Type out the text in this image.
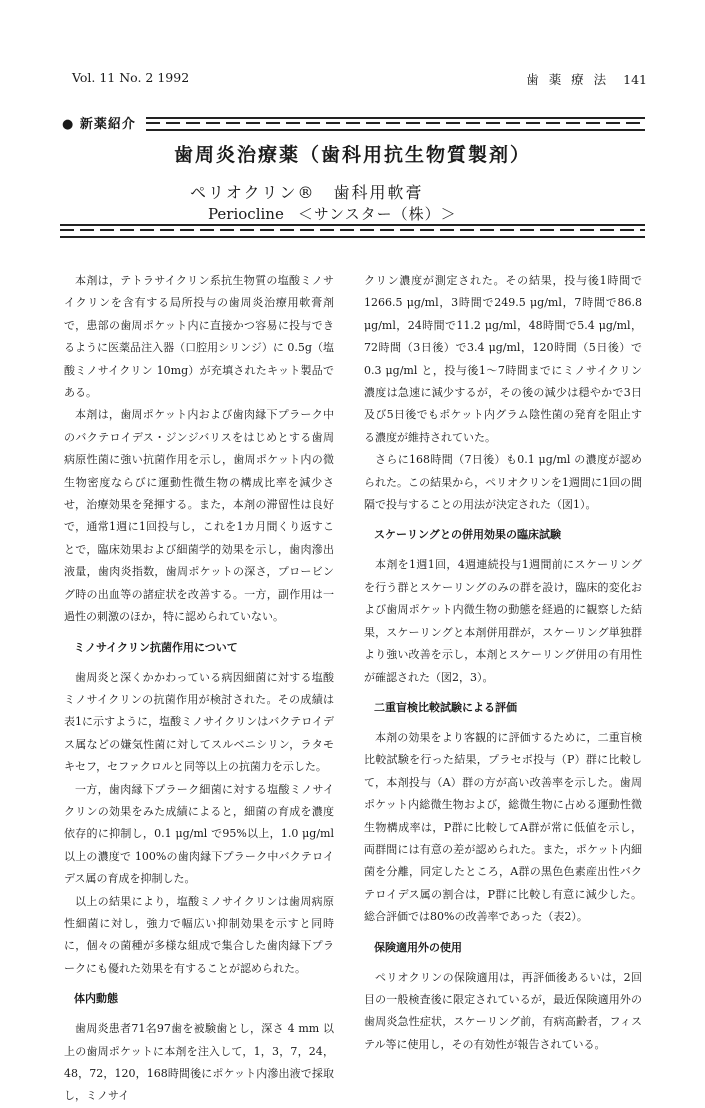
Vol. 11 No. 2 1992	歯 薬 療 法 141
● 新薬紹介
歯周炎治療薬（歯科用抗生物質製剤）
ペリオクリン® 歯科用軟膏
Periocline ＜サンスター（株）＞

本剤は，テトラサイクリン系抗生物質の塩酸ミノサイクリンを含有する局所投与の歯周炎治療用軟膏剤で，患部の歯周ポケット内に直接かつ容易に投与できるように医薬品注入器（口腔用シリンジ）に 0.5g（塩酸ミノサイクリン 10mg）が充填されたキット製品である。

本剤は，歯周ポケット内および歯肉縁下プラーク中のバクテロイデス・ジンジバリスをはじめとする歯周病原性菌に強い抗菌作用を示し，歯周ポケット内の微生物密度ならびに運動性微生物の構成比率を減少させ，治療効果を発揮する。また，本剤の滞留性は良好で，通常1週に1回投与し，これを1カ月間くり返すことで，臨床効果および細菌学的効果を示し，歯肉滲出液量，歯肉炎指数，歯周ポケットの深さ，プロービング時の出血等の諸症状を改善する。一方，副作用は一過性の刺激のほか，特に認められていない。

ミノサイクリン抗菌作用について

歯周炎と深くかかわっている病因細菌に対する塩酸ミノサイクリンの抗菌作用が検討された。その成績は表1に示すように，塩酸ミノサイクリンはバクテロイデス属などの嫌気性菌に対してスルベニシリン，ラタモキセフ，セファクロルと同等以上の抗菌力を示した。

一方，歯肉縁下プラーク細菌に対する塩酸ミノサイクリンの効果をみた成績によると，細菌の育成を濃度依存的に抑制し，0.1 μg/ml で95%以上，1.0 μg/ml 以上の濃度で 100%の歯肉縁下プラーク中バクテロイデス属の育成を抑制した。

以上の結果により，塩酸ミノサイクリンは歯周病原性細菌に対し，強力で幅広い抑制効果を示すと同時に，個々の菌種が多様な組成で集合した歯肉縁下プラークにも優れた効果を有することが認められた。

体内動態

歯周炎患者71名97歯を被験歯とし，深さ 4 mm 以上の歯周ポケットに本剤を注入して，1，3，7，24，48，72，120，168時間後にポケット内滲出液で採取し，ミノサイ

クリン濃度が測定された。その結果，投与後1時間で 1266.5 μg/ml，3時間で249.5 μg/ml，7時間で86.8 μg/ml，24時間で11.2 μg/ml，48時間で5.4 μg/ml，72時間（3日後）で3.4 μg/ml，120時間（5日後）で 0.3 μg/ml と，投与後1～7時間までにミノサイクリン濃度は急速に減少するが，その後の減少は穏やかで3日及び5日後でもポケット内グラム陰性菌の発育を阻止する濃度が維持されていた。

さらに168時間（7日後）も0.1 μg/ml の濃度が認められた。この結果から，ペリオクリンを1週間に1回の間隔で投与することの用法が決定された（図1）。

スケーリングとの併用効果の臨床試験

本剤を1週1回，4週連続投与1週間前にスケーリングを行う群とスケーリングのみの群を設け，臨床的変化および歯周ポケット内微生物の動態を経過的に観察した結果，スケーリングと本剤併用群が，スケーリング単独群より強い改善を示し，本剤とスケーリング併用の有用性が確認された（図2，3）。

二重盲検比較試験による評価

本剤の効果をより客観的に評価するために，二重盲検比較試験を行った結果，プラセボ投与（P）群に比較して，本剤投与（A）群の方が高い改善率を示した。歯周ポケット内総微生物および，総微生物に占める運動性微生物構成率は，P群に比較してA群が常に低値を示し，両群間には有意の差が認められた。また，ポケット内細菌を分離，同定したところ，A群の黒色色素産出性バクテロイデス属の割合は，P群に比較し有意に減少した。総合評価では80%の改善率であった（表2）。

保険適用外の使用

ペリオクリンの保険適用は，再評価後あるいは，2回目の一般検査後に限定されているが，最近保険適用外の歯周炎急性症状，スケーリング前，有病高齢者，フィステル等に使用し，その有効性が報告されている。
